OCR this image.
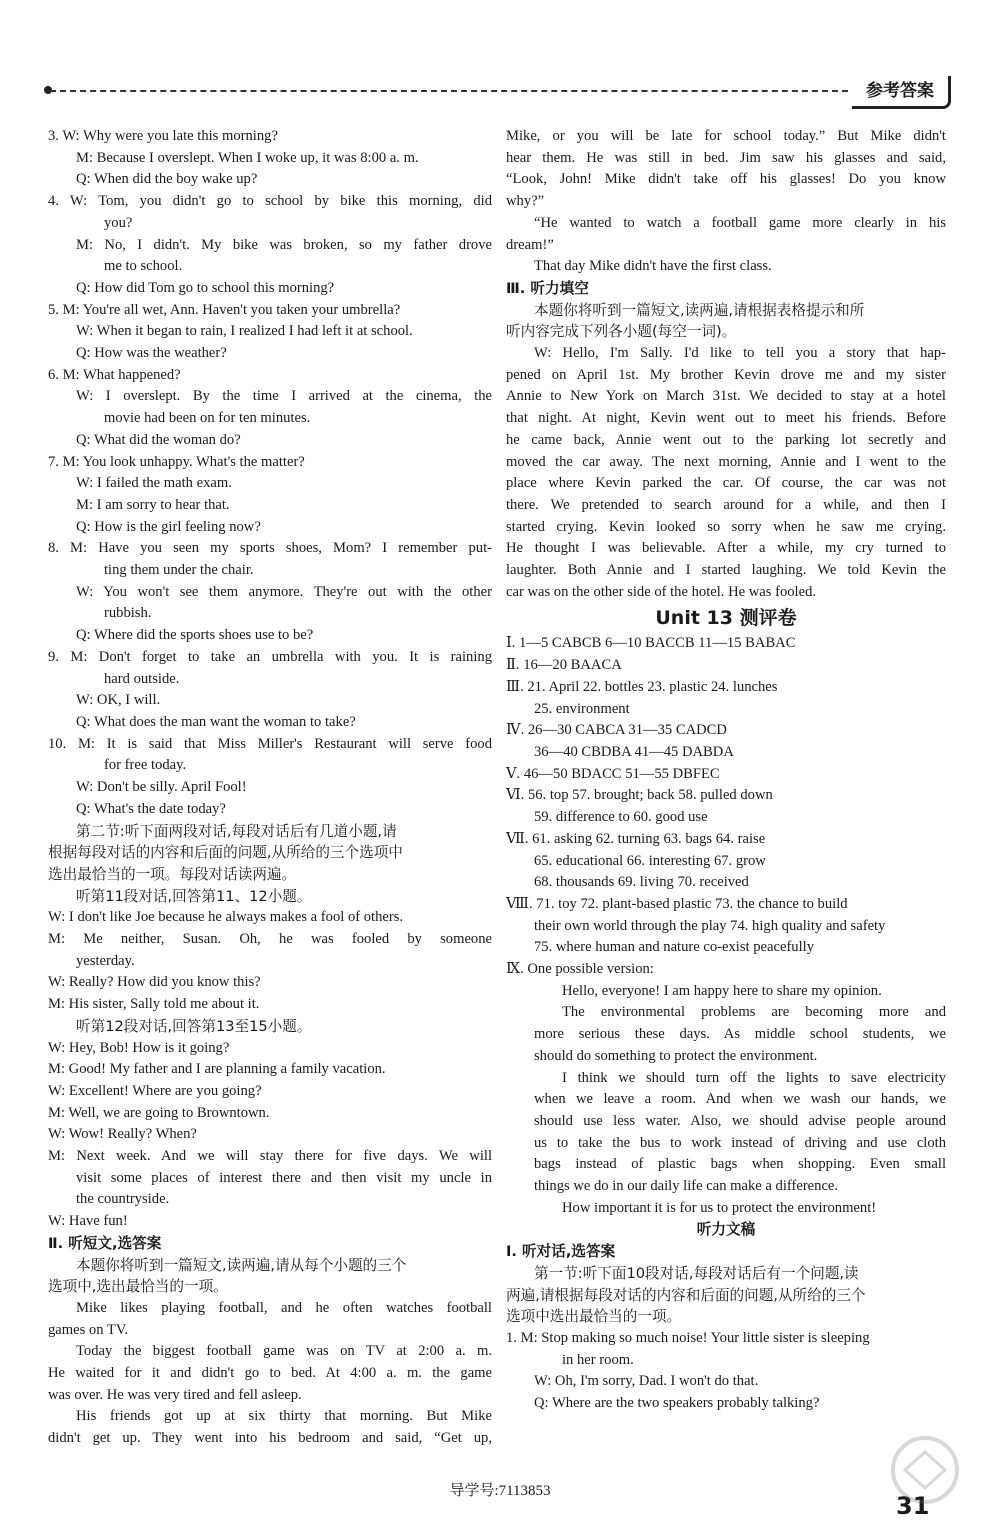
参考答案
3. W: Why were you late this morning?
M: Because I overslept. When I woke up, it was 8:00 a. m.
Q: When did the boy wake up?
4. W: Tom, you didn't go to school by bike this morning, did
you?
M: No, I didn't. My bike was broken, so my father drove
me to school.
Q: How did Tom go to school this morning?
5. M: You're all wet, Ann. Haven't you taken your umbrella?
W: When it began to rain, I realized I had left it at school.
Q: How was the weather?
6. M: What happened?
W: I overslept. By the time I arrived at the cinema, the
movie had been on for ten minutes.
Q: What did the woman do?
7. M: You look unhappy. What's the matter?
W: I failed the math exam.
M: I am sorry to hear that.
Q: How is the girl feeling now?
8. M: Have you seen my sports shoes, Mom? I remember put-
ting them under the chair.
W: You won't see them anymore. They're out with the other
rubbish.
Q: Where did the sports shoes use to be?
9. M: Don't forget to take an umbrella with you. It is raining
hard outside.
W: OK, I will.
Q: What does the man want the woman to take?
10. M: It is said that Miss Miller's Restaurant will serve food
for free today.
W: Don't be silly. April Fool!
Q: What's the date today?
第二节:听下面两段对话,每段对话后有几道小题,请
根据每段对话的内容和后面的问题,从所给的三个选项中
选出最恰当的一项。每段对话读两遍。
听第11段对话,回答第11、12小题。
W: I don't like Joe because he always makes a fool of others.
M: Me neither, Susan. Oh, he was fooled by someone
yesterday.
W: Really? How did you know this?
M: His sister, Sally told me about it.
听第12段对话,回答第13至15小题。
W: Hey, Bob! How is it going?
M: Good! My father and I are planning a family vacation.
W: Excellent! Where are you going?
M: Well, we are going to Browntown.
W: Wow! Really? When?
M: Next week. And we will stay there for five days. We will
visit some places of interest there and then visit my uncle in
the countryside.
W: Have fun!
Ⅱ. 听短文,选答案
本题你将听到一篇短文,读两遍,请从每个小题的三个
选项中,选出最恰当的一项。
Mike likes playing football, and he often watches football
games on TV.
Today the biggest football game was on TV at 2:00 a. m.
He waited for it and didn't go to bed. At 4:00 a. m. the game
was over. He was very tired and fell asleep.
His friends got up at six thirty that morning. But Mike
didn't get up. They went into his bedroom and said, “Get up,
Mike, or you will be late for school today.” But Mike didn't
hear them. He was still in bed. Jim saw his glasses and said,
“Look, John! Mike didn't take off his glasses! Do you know
why?”
“He wanted to watch a football game more clearly in his
dream!”
That day Mike didn't have the first class.
Ⅲ. 听力填空
本题你将听到一篇短文,读两遍,请根据表格提示和所
听内容完成下列各小题(每空一词)。
W: Hello, I'm Sally. I'd like to tell you a story that hap-
pened on April 1st. My brother Kevin drove me and my sister
Annie to New York on March 31st. We decided to stay at a hotel
that night. At night, Kevin went out to meet his friends. Before
he came back, Annie went out to the parking lot secretly and
moved the car away. The next morning, Annie and I went to the
place where Kevin parked the car. Of course, the car was not
there. We pretended to search around for a while, and then I
started crying. Kevin looked so sorry when he saw me crying.
He thought I was believable. After a while, my cry turned to
laughter. Both Annie and I started laughing. We told Kevin the
car was on the other side of the hotel. He was fooled.
Unit 13 测评卷
Ⅰ. 1—5 CABCB 6—10 BACCB 11—15 BABAC
Ⅱ. 16—20 BAACA
Ⅲ. 21. April 22. bottles 23. plastic 24. lunches
25. environment
Ⅳ. 26—30 CABCA 31—35 CADCD
36—40 CBDBA 41—45 DABDA
Ⅴ. 46—50 BDACC 51—55 DBFEC
Ⅵ. 56. top 57. brought; back 58. pulled down
59. difference to 60. good use
Ⅶ. 61. asking 62. turning 63. bags 64. raise
65. educational 66. interesting 67. grow
68. thousands 69. living 70. received
Ⅷ. 71. toy 72. plant-based plastic 73. the chance to build
their own world through the play 74. high quality and safety
75. where human and nature co-exist peacefully
Ⅸ. One possible version:
Hello, everyone! I am happy here to share my opinion.
The environmental problems are becoming more and
more serious these days. As middle school students, we
should do something to protect the environment.
I think we should turn off the lights to save electricity
when we leave a room. And when we wash our hands, we
should use less water. Also, we should advise people around
us to take the bus to work instead of driving and use cloth
bags instead of plastic bags when shopping. Even small
things we do in our daily life can make a difference.
How important it is for us to protect the environment!
听力文稿
Ⅰ. 听对话,选答案
第一节:听下面10段对话,每段对话后有一个问题,读
两遍,请根据每段对话的内容和后面的问题,从所给的三个
选项中选出最恰当的一项。
1. M: Stop making so much noise! Your little sister is sleeping
in her room.
W: Oh, I'm sorry, Dad. I won't do that.
Q: Where are the two speakers probably talking?
导学号:7113853
31
